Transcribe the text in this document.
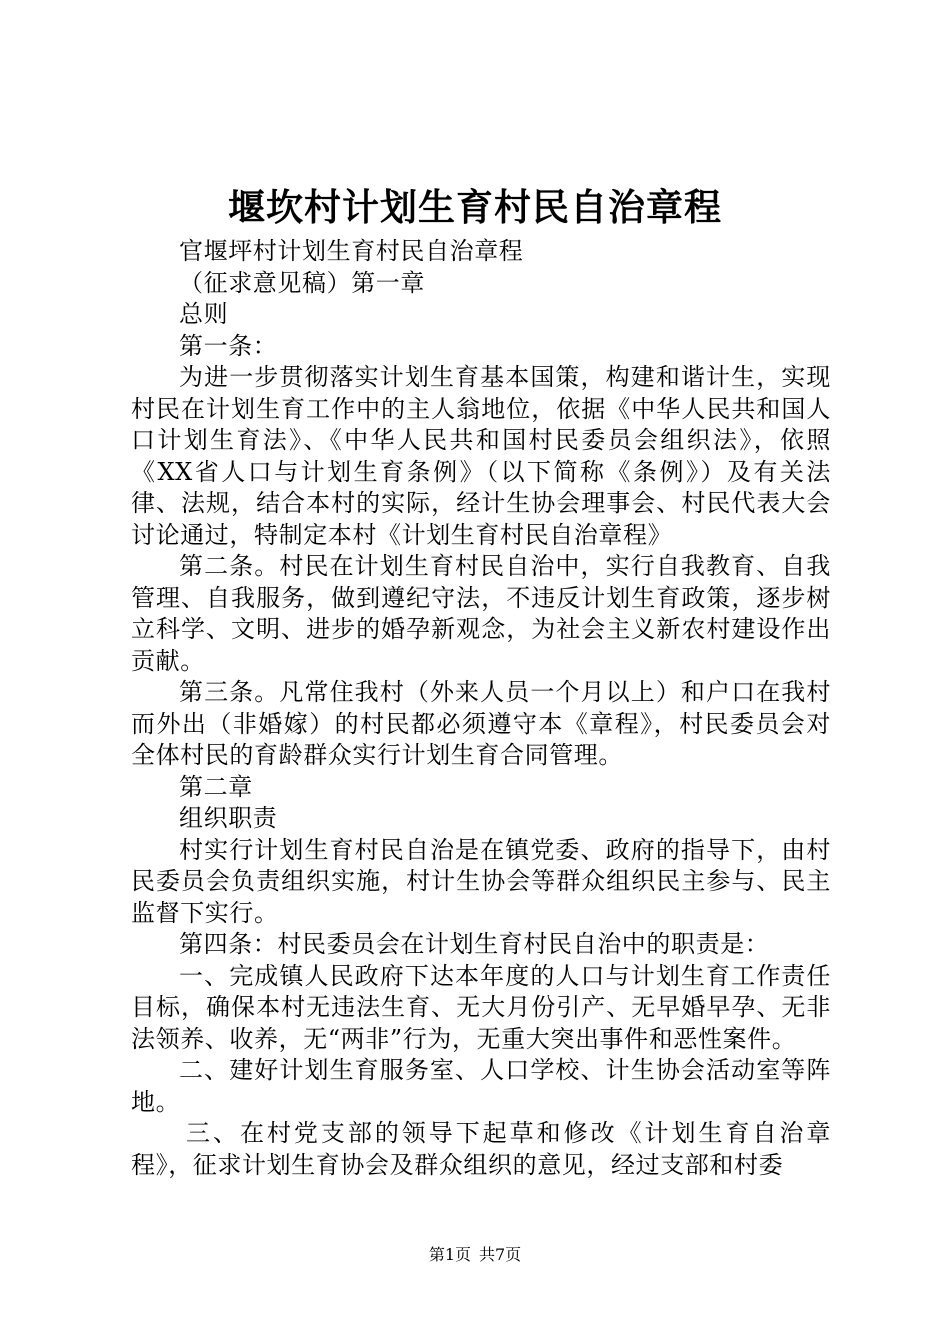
堰坎村计划生育村民自治章程

官堰坪村计划生育村民自治章程

（征求意见稿）第一章

总则

第一条：

为进一步贯彻落实计划生育基本国策，构建和谐计生，实现村民在计划生育工作中的主人翁地位，依据《中华人民共和国人口计划生育法》、《中华人民共和国村民委员会组织法》，依照《XX省人口与计划生育条例》（以下简称《条例》）及有关法律、法规，结合本村的实际，经计生协会理事会、村民代表大会讨论通过，特制定本村《计划生育村民自治章程》

第二条。村民在计划生育村民自治中，实行自我教育、自我管理、自我服务，做到遵纪守法，不违反计划生育政策，逐步树立科学、文明、进步的婚孕新观念，为社会主义新农村建设作出贡献。

第三条。凡常住我村（外来人员一个月以上）和户口在我村而外出（非婚嫁）的村民都必须遵守本《章程》，村民委员会对全体村民的育龄群众实行计划生育合同管理。

第二章

组织职责

村实行计划生育村民自治是在镇党委、政府的指导下，由村民委员会负责组织实施，村计生协会等群众组织民主参与、民主监督下实行。

第四条：村民委员会在计划生育村民自治中的职责是：

一、完成镇人民政府下达本年度的人口与计划生育工作责任目标，确保本村无违法生育、无大月份引产、无早婚早孕、无非法领养、收养，无“两非”行为，无重大突出事件和恶性案件。

二、建好计划生育服务室、人口学校、计生协会活动室等阵地。

三、在村党支部的领导下起草和修改《计划生育自治章程》，征求计划生育协会及群众组织的意见，经过支部和村委

第1页 共7页
